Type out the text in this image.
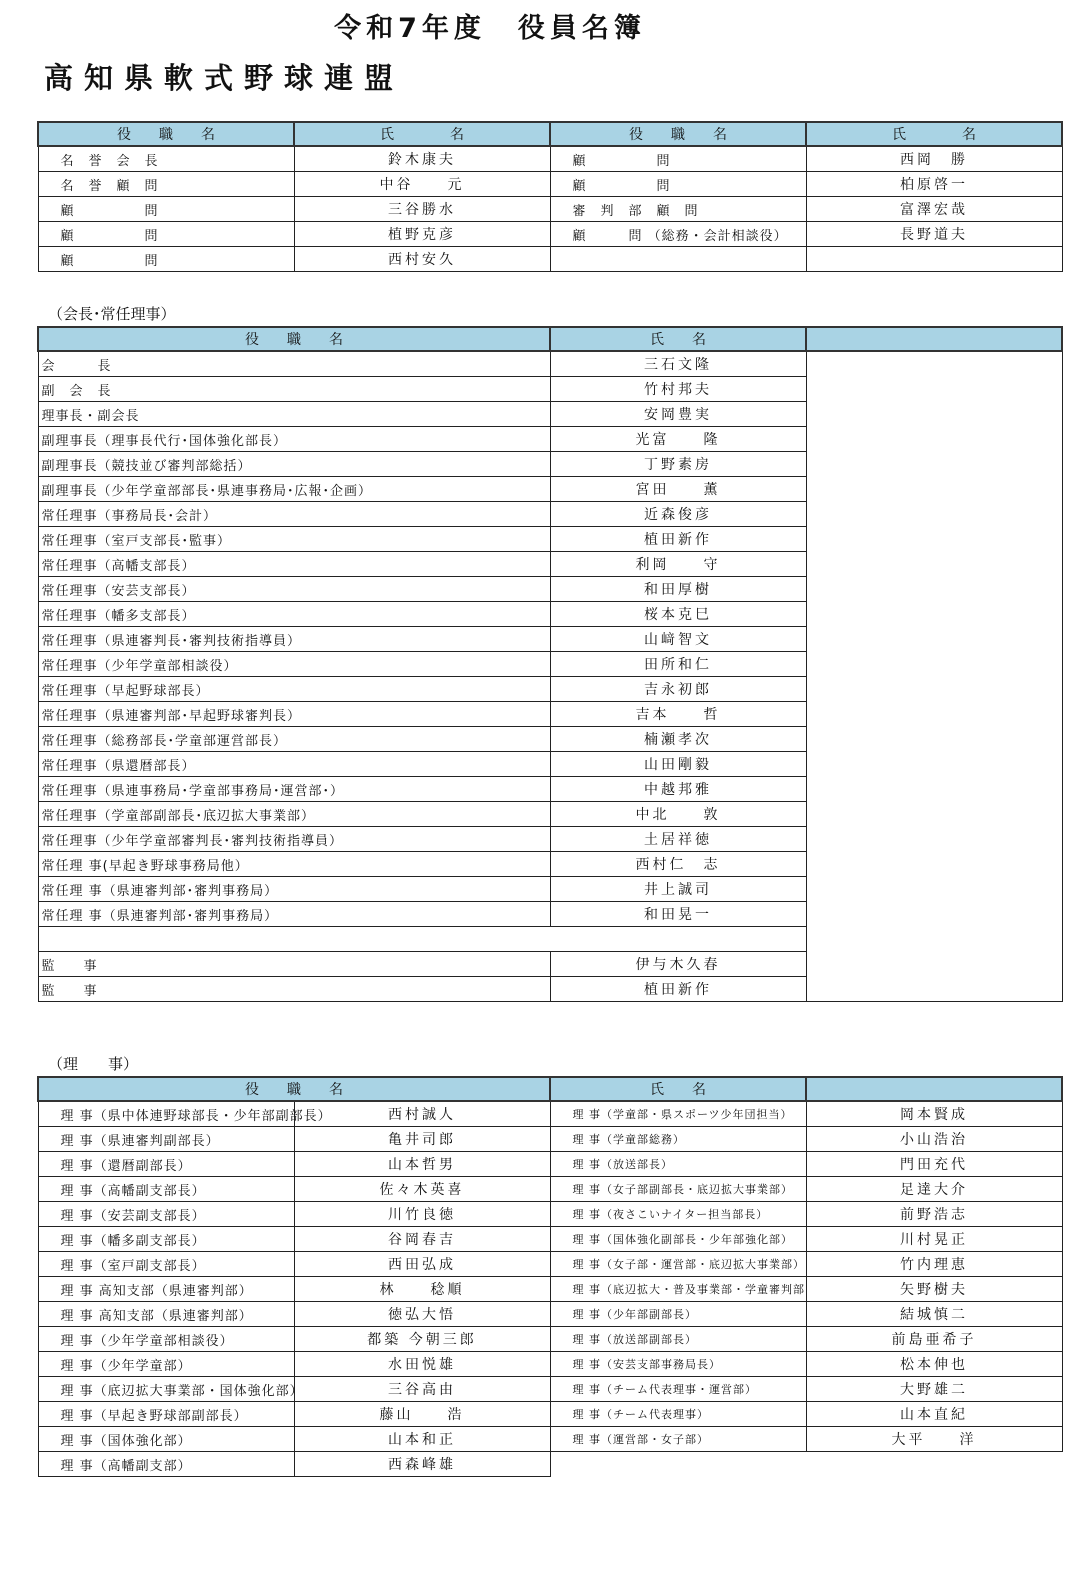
令和7年度　役員名簿
高知県軟式野球連盟
役　　職　　名	氏　　　　名	役　　職　　名	氏　　　　名
名　誉　会　長	鈴木康夫	顧　　　　　問	西岡　勝
名　誉　顧　問	中谷　　元	顧　　　　　問	柏原啓一
顧　　　　　問	三谷勝水	審　判　部　顧　問	富澤宏哉
顧　　　　　問	植野克彦	顧　　　問 （総務・会計相談役）	長野道夫
顧　　　　　問	西村安久		
（会長･常任理事）
役　　職　　名	氏　　名	
会　　　長	三石文隆	
副　会　長	竹村邦夫	
理事長・副会長	安岡豊実	
副理事長（理事長代行･国体強化部長）	光富　　隆	
副理事長（競技並び審判部総括）	丁野素房	
副理事長（少年学童部部長･県連事務局･広報･企画）	宮田　　薫	
常任理事（事務局長･会計）	近森俊彦	
常任理事（室戸支部長･監事）	植田新作	
常任理事（高幡支部長）	利岡　　守	
常任理事（安芸支部長）	和田厚樹	
常任理事（幡多支部長）	桜本克巳	
常任理事（県連審判長･審判技術指導員）	山﨑智文	
常任理事（少年学童部相談役）	田所和仁	
常任理事（早起野球部長）	吉永初郎	
常任理事（県連審判部･早起野球審判長）	吉本　　哲	
常任理事（総務部長･学童部運営部長）	楠瀬孝次	
常任理事（県還暦部長）	山田剛毅	
常任理事（県連事務局･学童部事務局･運営部･）	中越邦雅	
常任理事（学童部副部長･底辺拡大事業部）	中北　　敦	
常任理事（少年学童部審判長･審判技術指導員）	土居祥徳	
常任理 事(早起き野球事務局他）	西村仁　志	
常任理 事（県連審判部･審判事務局）	井上誠司	
常任理 事（県連審判部･審判事務局）	和田晃一	

監　　事	伊与木久春	
監　　事	植田新作	
（理　　事）
役　　職　　名		氏　　名	
理 事（県中体連野球部長・少年部副部長）	西村誠人	理 事（学童部・県スポーツ少年団担当）	岡本賢成
理 事（県連審判副部長）	亀井司郎	理 事（学童部総務）	小山浩治
理 事（還暦副部長）	山本哲男	理 事（放送部長）	門田充代
理 事（高幡副支部長）	佐々木英喜	理 事（女子部副部長・底辺拡大事業部）	足達大介
理 事（安芸副支部長）	川竹良徳	理 事（夜さこいナイター担当部長）	前野浩志
理 事（幡多副支部長）	谷岡春吉	理 事（国体強化副部長・少年部強化部）	川村晃正
理 事（室戸副支部長）	西田弘成	理 事（女子部・運営部・底辺拡大事業部）	竹内理恵
理 事 高知支部（県連審判部）	林　　稔順	理 事（底辺拡大・普及事業部・学童審判部	矢野樹夫
理 事 高知支部（県連審判部）	徳弘大悟	理 事（少年部副部長）	結城慎二
理 事（少年学童部相談役）	都築 今朝三郎	理 事（放送部副部長）	前島亜希子
理 事（少年学童部）	水田悦雄	理 事（安芸支部事務局長）	松本伸也
理 事（底辺拡大事業部・国体強化部）	三谷高由	理 事（チーム代表理事・運営部）	大野雄二
理 事（早起き野球部副部長）	藤山　　浩	理 事（チーム代表理事）	山本直紀
理 事（国体強化部）	山本和正	理 事（運営部・女子部）	大平　　洋
理 事（高幡副支部）	西森峰雄		
